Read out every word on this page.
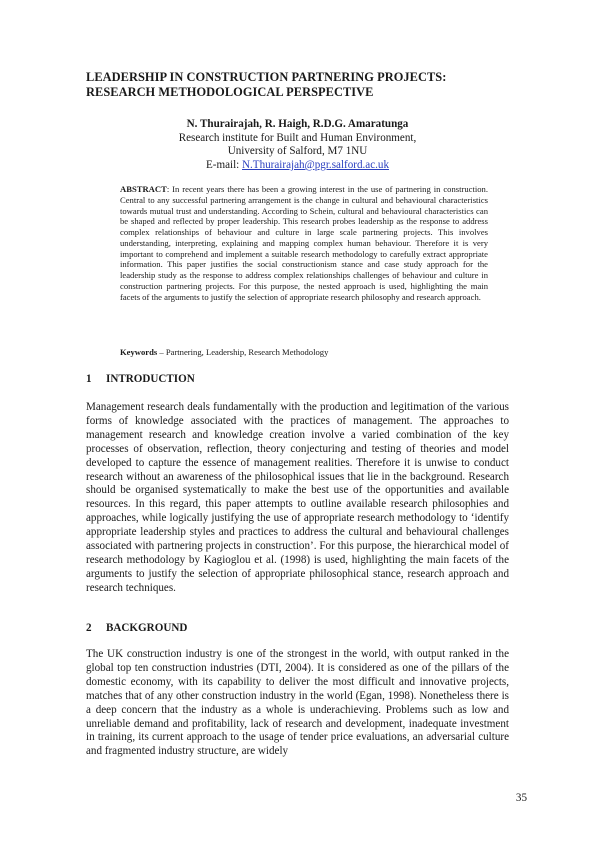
LEADERSHIP IN CONSTRUCTION PARTNERING PROJECTS:
RESEARCH METHODOLOGICAL PERSPECTIVE
N. Thurairajah, R. Haigh, R.D.G. Amaratunga
Research institute for Built and Human Environment,
University of Salford, M7 1NU
E-mail: N.Thurairajah@pgr.salford.ac.uk

ABSTRACT: In recent years there has been a growing interest in the use of partnering in construction. Central to any successful partnering arrangement is the change in cultural and behavioural characteristics towards mutual trust and understanding. According to Schein, cultural and behavioural characteristics can be shaped and reflected by proper leadership. This research probes leadership as the response to address complex relationships of behaviour and culture in large scale partnering projects. This involves understanding, interpreting, explaining and mapping complex human behaviour. Therefore it is very important to comprehend and implement a suitable research methodology to carefully extract appropriate information. This paper justifies the social constructionism stance and case study approach for the leadership study as the response to address complex relationships challenges of behaviour and culture in construction partnering projects. For this purpose, the nested approach is used, highlighting the main facets of the arguments to justify the selection of appropriate research philosophy and research approach.

Keywords – Partnering, Leadership, Research Methodology
1 INTRODUCTION

Management research deals fundamentally with the production and legitimation of the various forms of knowledge associated with the practices of management. The approaches to management research and knowledge creation involve a varied combination of the key processes of observation, reflection, theory conjecturing and testing of theories and model developed to capture the essence of management realities. Therefore it is unwise to conduct research without an awareness of the philosophical issues that lie in the background. Research should be organised systematically to make the best use of the opportunities and available resources. In this regard, this paper attempts to outline available research philosophies and approaches, while logically justifying the use of appropriate research methodology to ‘identify appropriate leadership styles and practices to address the cultural and behavioural challenges associated with partnering projects in construction’. For this purpose, the hierarchical model of research methodology by Kagioglou et al. (1998) is used, highlighting the main facets of the arguments to justify the selection of appropriate philosophical stance, research approach and research techniques.

2 BACKGROUND

The UK construction industry is one of the strongest in the world, with output ranked in the global top ten construction industries (DTI, 2004). It is considered as one of the pillars of the domestic economy, with its capability to deliver the most difficult and innovative projects, matches that of any other construction industry in the world (Egan, 1998). Nonetheless there is a deep concern that the industry as a whole is underachieving. Problems such as low and unreliable demand and profitability, lack of research and development, inadequate investment in training, its current approach to the usage of tender price evaluations, an adversarial culture and fragmented industry structure, are widely

35
